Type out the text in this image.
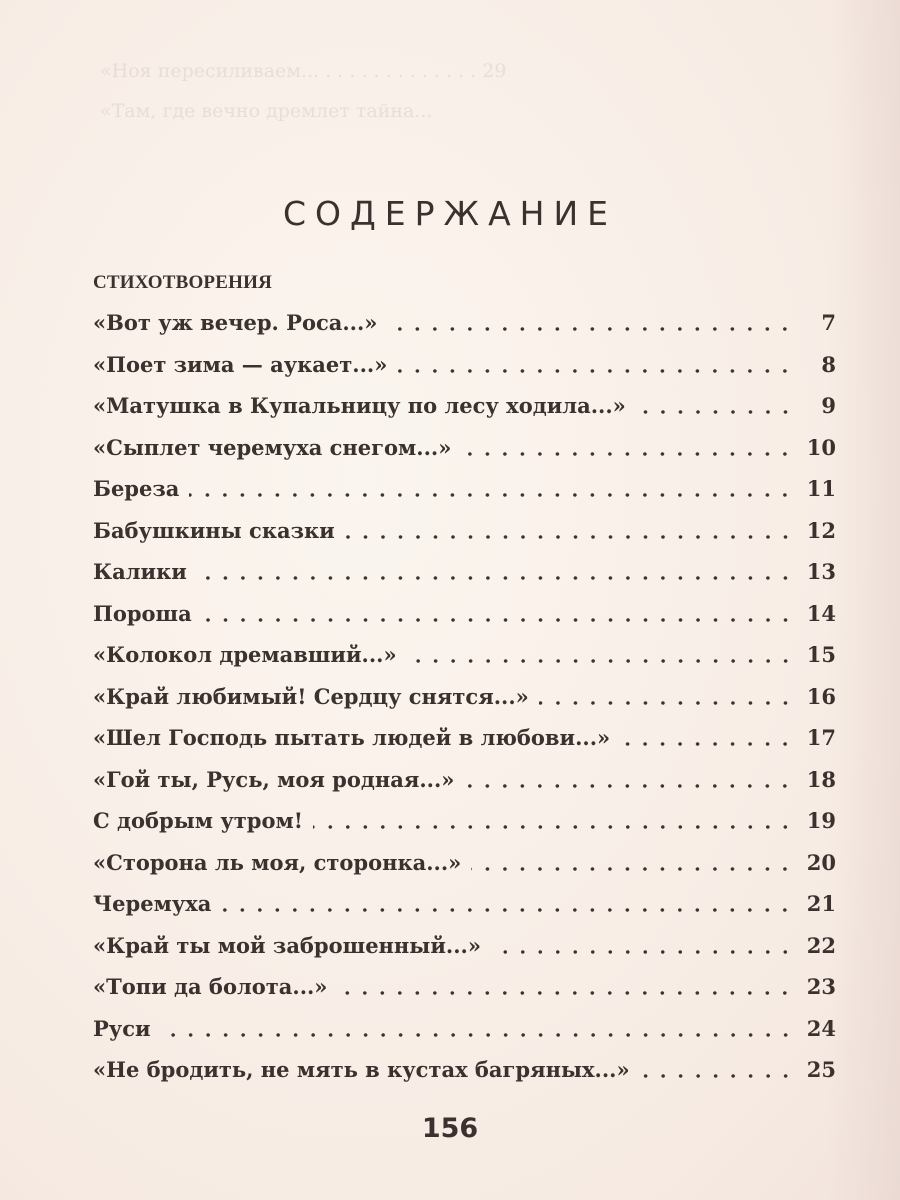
«Ноя пересиливаем... . . . . . . . . . . . . . 29
«Там, где вечно дремлет тайна...
СОДЕРЖАНИЕ
СТИХОТВОРЕНИЯ
«Вот уж вечер. Роса...»	7
«Поет зима — аукает...»	8
«Матушка в Купальницу по лесу ходила...»	9
«Сыплет черемуха снегом...»	10
Береза	11
Бабушкины сказки	12
Калики	13
Пороша	14
«Колокол дремавший...»	15
«Край любимый! Сердцу снятся...»	16
«Шел Господь пытать людей в любови...»	17
«Гой ты, Русь, моя родная...»	18
С добрым утром!	19
«Сторона ль моя, сторонка...»	20
Черемуха	21
«Край ты мой заброшенный...»	22
«Топи да болота...»	23
Руси	24
«Не бродить, не мять в кустах багряных...»	25
156
